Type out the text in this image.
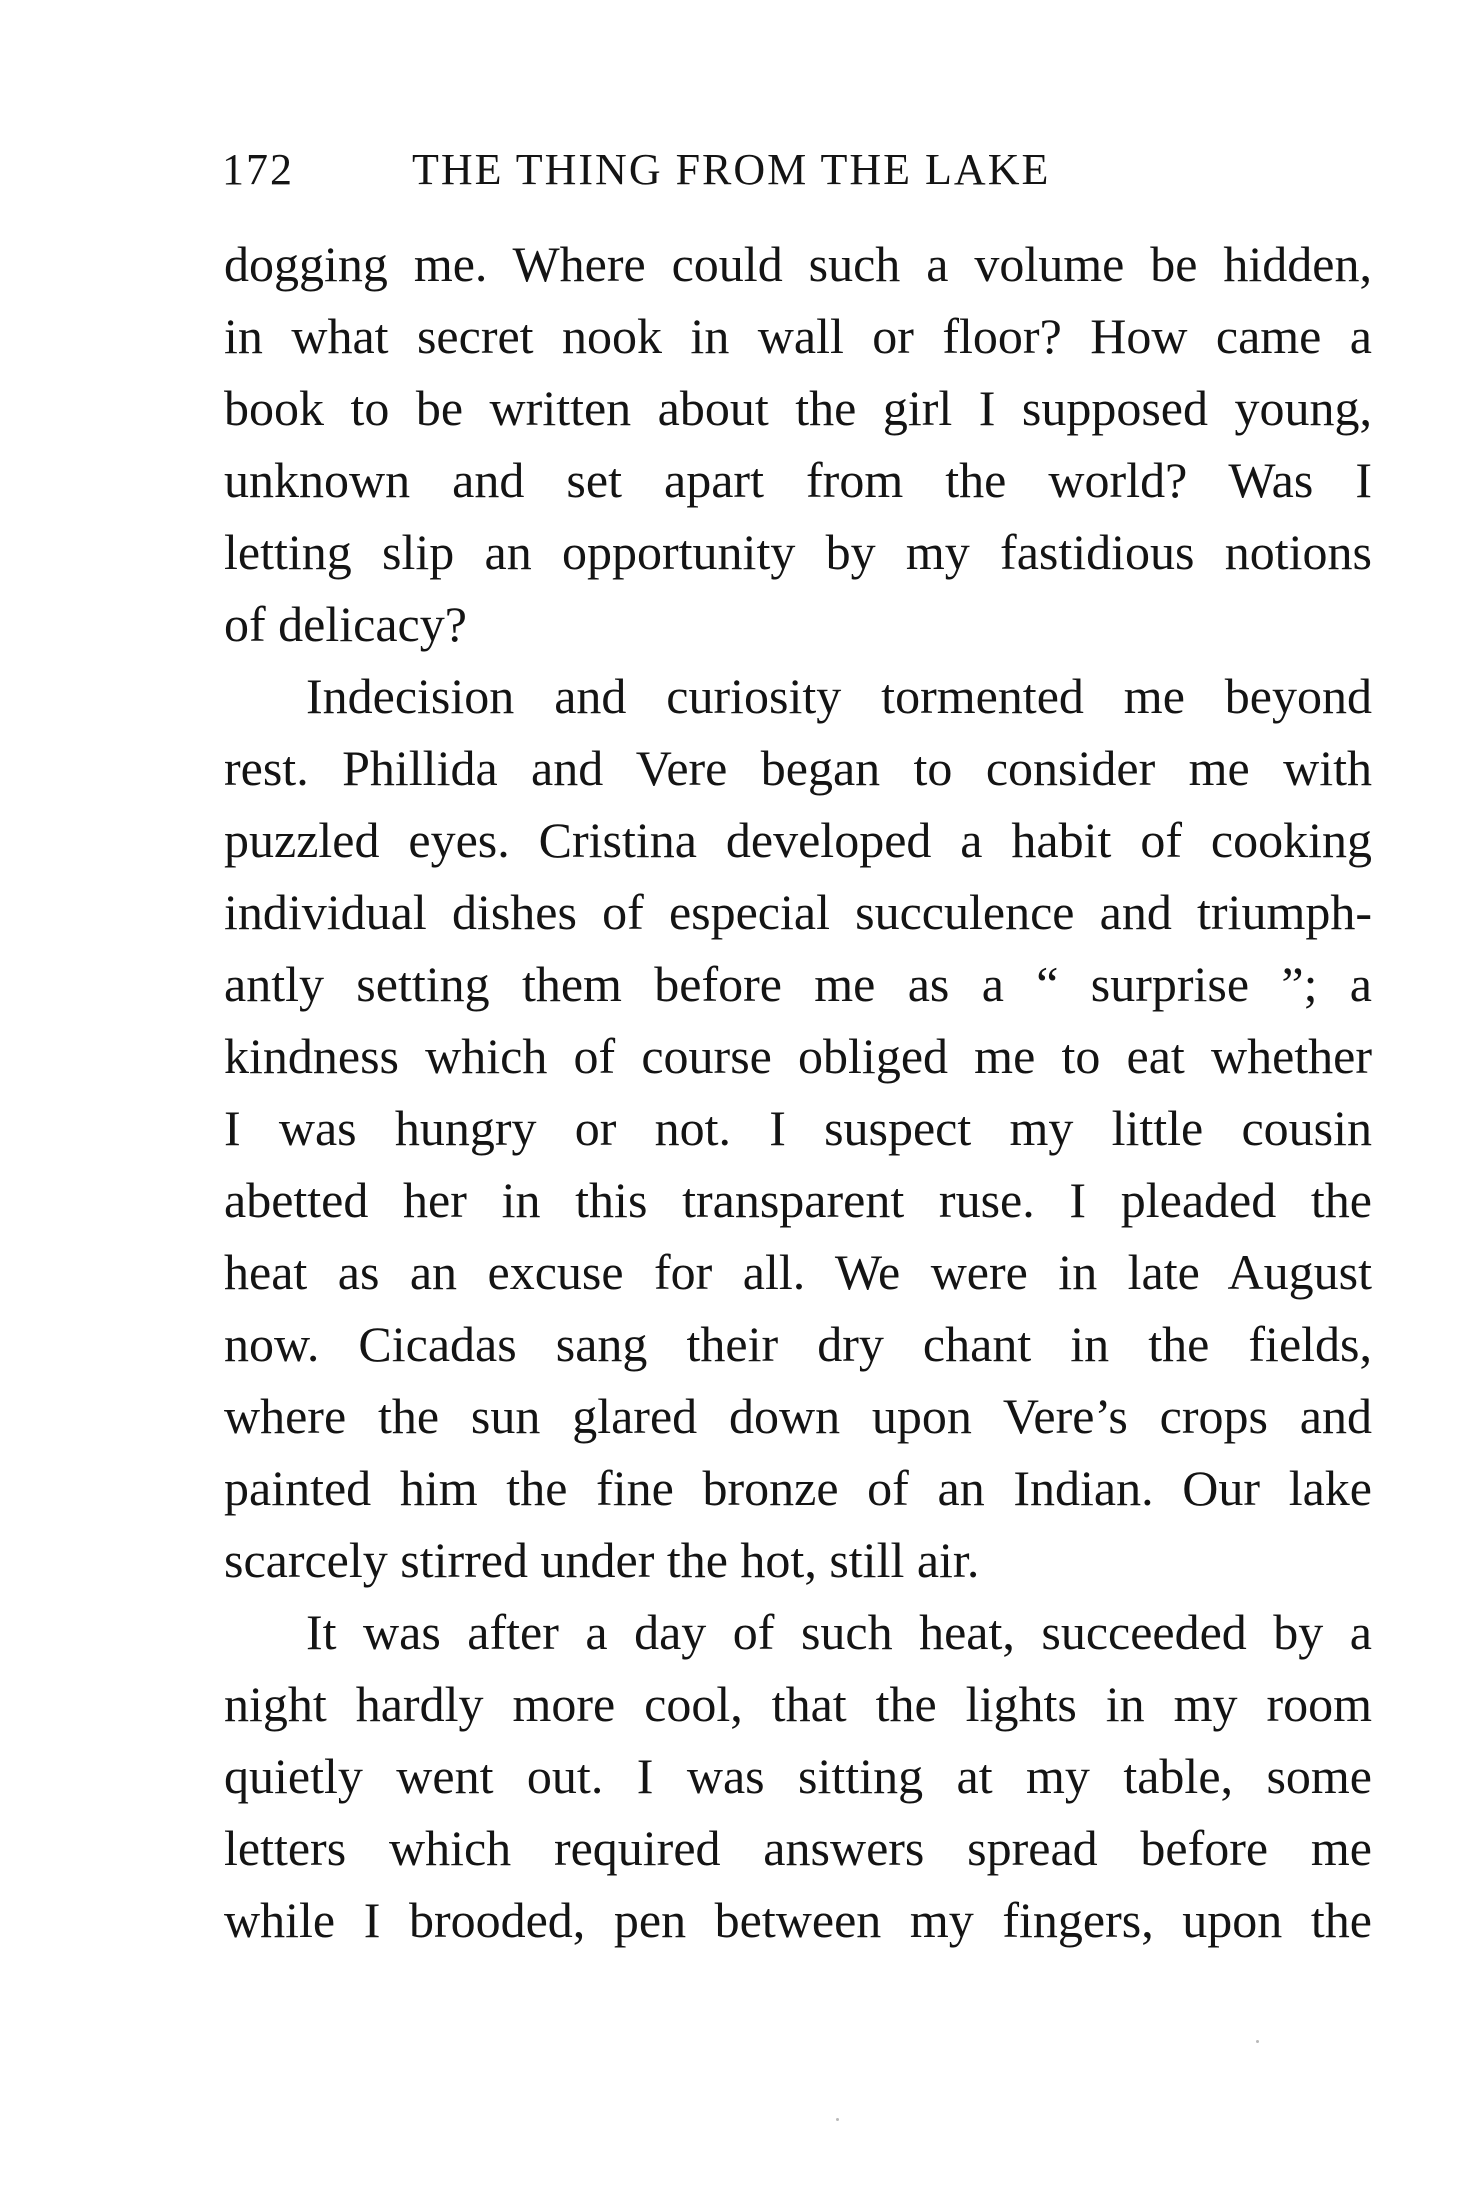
172	THE THING FROM THE LAKE
dogging me. Where could such a volume be hidden,
in what secret nook in wall or floor? How came a
book to be written about the girl I supposed young,
unknown and set apart from the world? Was I
letting slip an opportunity by my fastidious notions
of delicacy?
Indecision and curiosity tormented me beyond
rest. Phillida and Vere began to consider me with
puzzled eyes. Cristina developed a habit of cooking
individual dishes of especial succulence and triumph-
antly setting them before me as a “ surprise ”; a
kindness which of course obliged me to eat whether
I was hungry or not. I suspect my little cousin
abetted her in this transparent ruse. I pleaded the
heat as an excuse for all. We were in late August
now. Cicadas sang their dry chant in the fields,
where the sun glared down upon Vere’s crops and
painted him the fine bronze of an Indian. Our lake
scarcely stirred under the hot, still air.
It was after a day of such heat, succeeded by a
night hardly more cool, that the lights in my room
quietly went out. I was sitting at my table, some
letters which required answers spread before me
while I brooded, pen between my fingers, upon the
